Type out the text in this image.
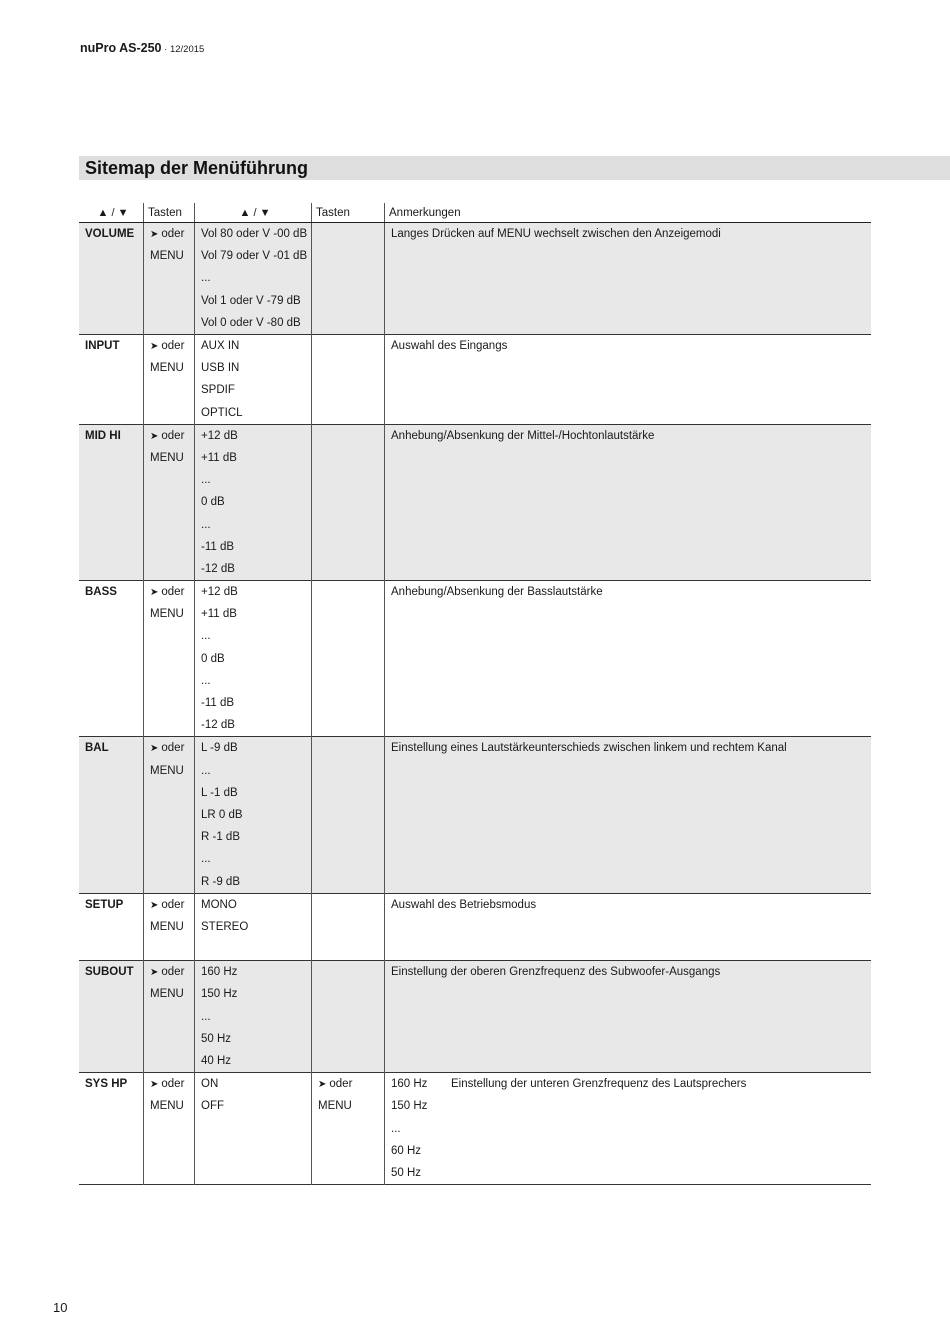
nuPro AS-250 · 12/2015
Sitemap der Menüführung
▲ / ▼	Tasten	▲ / ▼	Tasten	Anmerkungen
VOLUME	➤ oder	Vol 80 oder V -00 dB		Langes Drücken auf MENU wechselt zwischen den Anzeigemodi
	MENU	Vol 79 oder V -01 dB		
		...		
		Vol 1 oder V -79 dB		
		Vol 0 oder V -80 dB		
INPUT	➤ oder	AUX IN		Auswahl des Eingangs
	MENU	USB IN		
		SPDIF		
		OPTICL		
MID HI	➤ oder	+12 dB		Anhebung/Absenkung der Mittel-/Hochtonlautstärke
	MENU	+11 dB		
		...		
		0 dB		
		...		
		-11 dB		
		-12 dB		
BASS	➤ oder	+12 dB		Anhebung/Absenkung der Basslautstärke
	MENU	+11 dB		
		...		
		0 dB		
		...		
		-11 dB		
		-12 dB		
BAL	➤ oder	L -9 dB		Einstellung eines Lautstärkeunterschieds zwischen linkem und rechtem Kanal
	MENU	...		
		L -1 dB		
		LR 0 dB		
		R -1 dB		
		...		
		R -9 dB		
SETUP	➤ oder	MONO		Auswahl des Betriebsmodus
	MENU	STEREO		

SUBOUT	➤ oder	160 Hz		Einstellung der oberen Grenzfrequenz des Subwoofer-Ausgangs
	MENU	150 Hz		
		...		
		50 Hz		
		40 Hz		
SYS HP	➤ oder	ON	➤ oder	160 Hz Einstellung der unteren Grenzfrequenz des Lautsprechers
	MENU	OFF	MENU	150 Hz
				...
				60 Hz
				50 Hz
10
